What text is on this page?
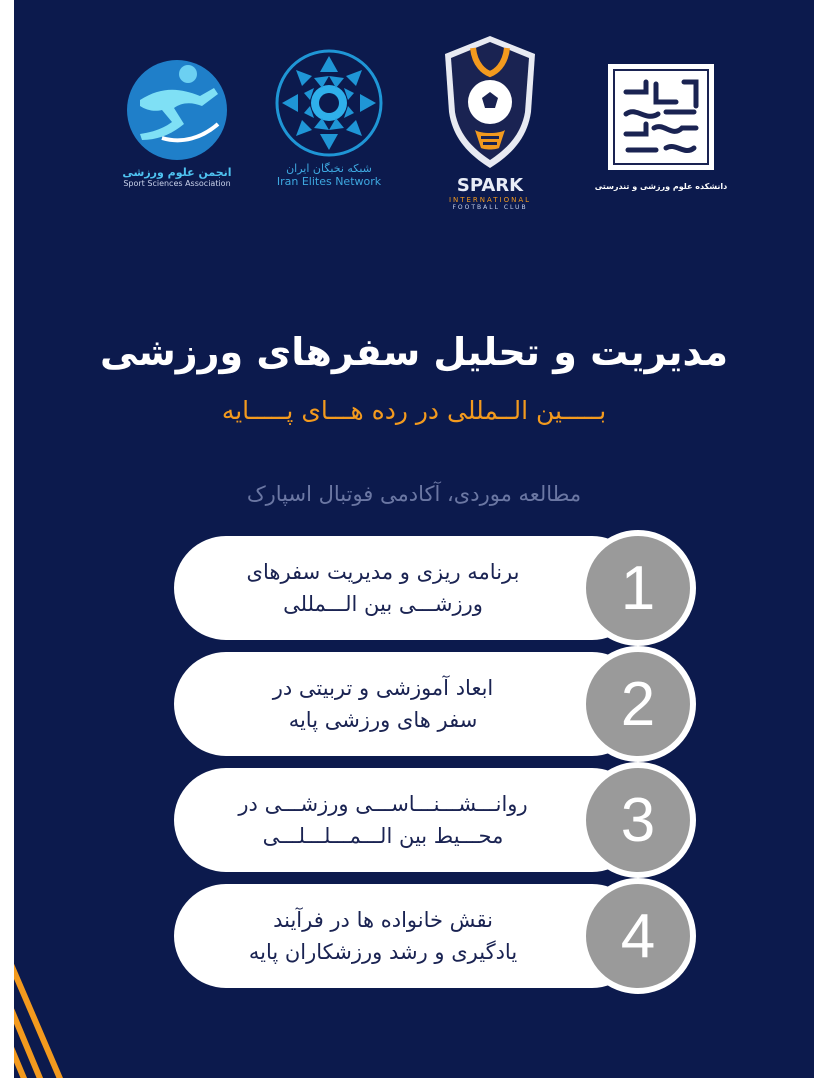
انجمن علوم ورزشی
Sport Sciences Association
شبکه نخبگان ایران
Iran Elites Network	SPARK
INTERNATIONAL
FOOTBALL CLUB
دانشکده علوم ورزشی و تندرستی
مدیریت و تحلیل سفرهای ورزشی
بـــــین الــمللی در رده هـــای پـــــایه
مطالعه موردی، آکادمی فوتبال اسپارک
برنامه ریزی و مدیریت سفرهای
ورزشـــی بین الـــمللی	1
ابعاد آموزشی و تربیتی در
سفر های ورزشی پایه	2
روانـــشـــنـــاســـی ورزشـــی در
محـــیط بین الـــمـــلـــلـــی	3
نقش خانواده ها در فرآیند
یادگیری و رشد ورزشکاران پایه	4
